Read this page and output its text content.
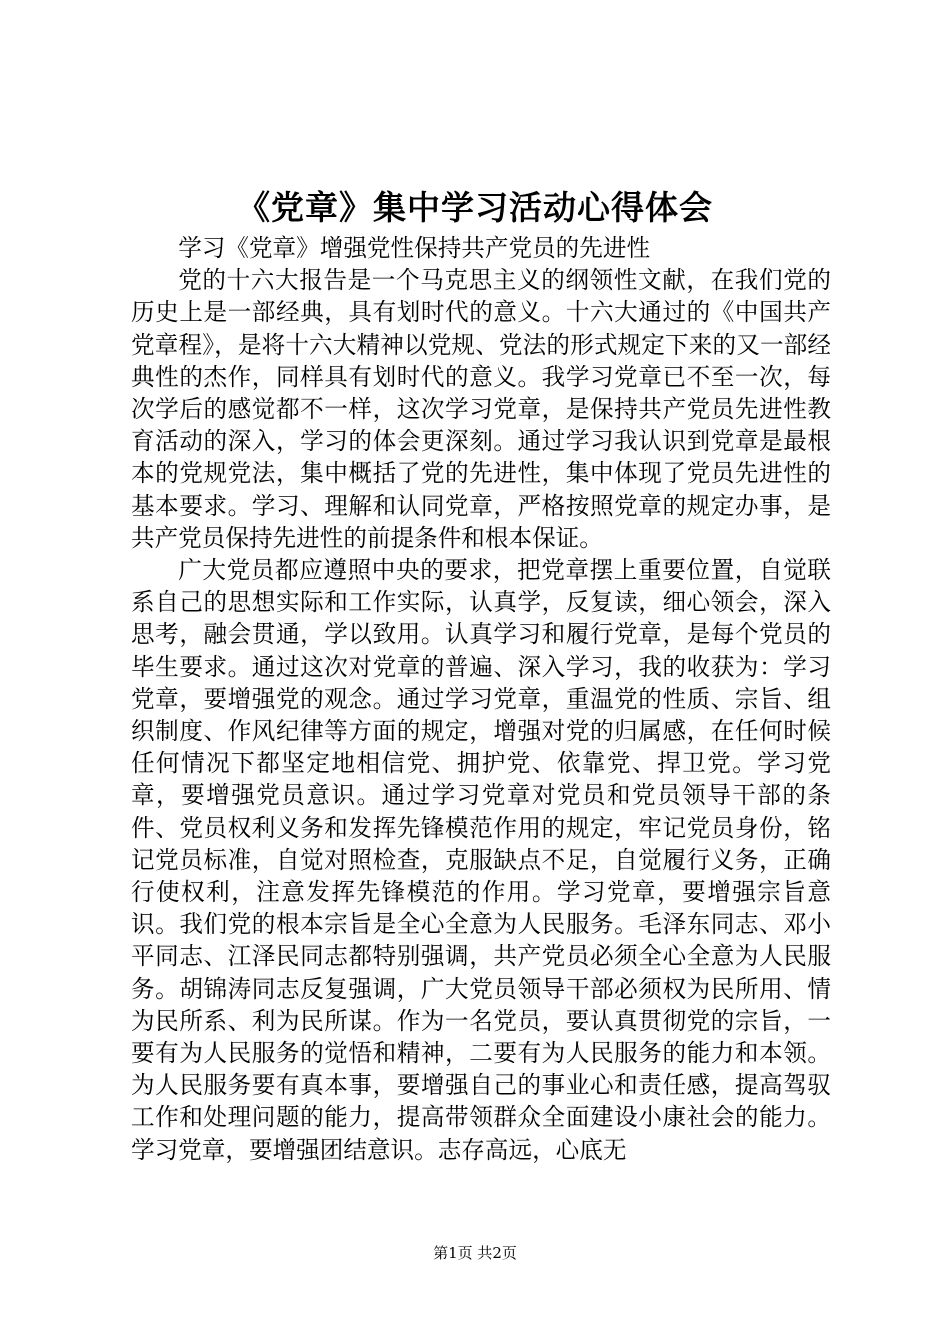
《党章》集中学习活动心得体会

学习《党章》增强党性保持共产党员的先进性

党的十六大报告是一个马克思主义的纲领性文献，在我们党的历史上是一部经典，具有划时代的意义。十六大通过的《中国共产党章程》，是将十六大精神以党规、党法的形式规定下来的又一部经典性的杰作，同样具有划时代的意义。我学习党章已不至一次，每次学后的感觉都不一样，这次学习党章，是保持共产党员先进性教育活动的深入，学习的体会更深刻。通过学习我认识到党章是最根本的党规党法，集中概括了党的先进性，集中体现了党员先进性的基本要求。学习、理解和认同党章，严格按照党章的规定办事，是共产党员保持先进性的前提条件和根本保证。

广大党员都应遵照中央的要求，把党章摆上重要位置，自觉联系自己的思想实际和工作实际，认真学，反复读，细心领会，深入思考，融会贯通，学以致用。认真学习和履行党章，是每个党员的毕生要求。通过这次对党章的普遍、深入学习，我的收获为：学习党章，要增强党的观念。通过学习党章，重温党的性质、宗旨、组织制度、作风纪律等方面的规定，增强对党的归属感，在任何时候任何情况下都坚定地相信党、拥护党、依靠党、捍卫党。学习党章，要增强党员意识。通过学习党章对党员和党员领导干部的条件、党员权利义务和发挥先锋模范作用的规定，牢记党员身份，铭记党员标准，自觉对照检查，克服缺点不足，自觉履行义务，正确行使权利，注意发挥先锋模范的作用。学习党章，要增强宗旨意识。我们党的根本宗旨是全心全意为人民服务。毛泽东同志、邓小平同志、江泽民同志都特别强调，共产党员必须全心全意为人民服务。胡锦涛同志反复强调，广大党员领导干部必须权为民所用、情为民所系、利为民所谋。作为一名党员，要认真贯彻党的宗旨，一要有为人民服务的觉悟和精神，二要有为人民服务的能力和本领。为人民服务要有真本事，要增强自己的事业心和责任感，提高驾驭工作和处理问题的能力，提高带领群众全面建设小康社会的能力。学习党章，要增强团结意识。志存高远，心底无

第1页 共2页
